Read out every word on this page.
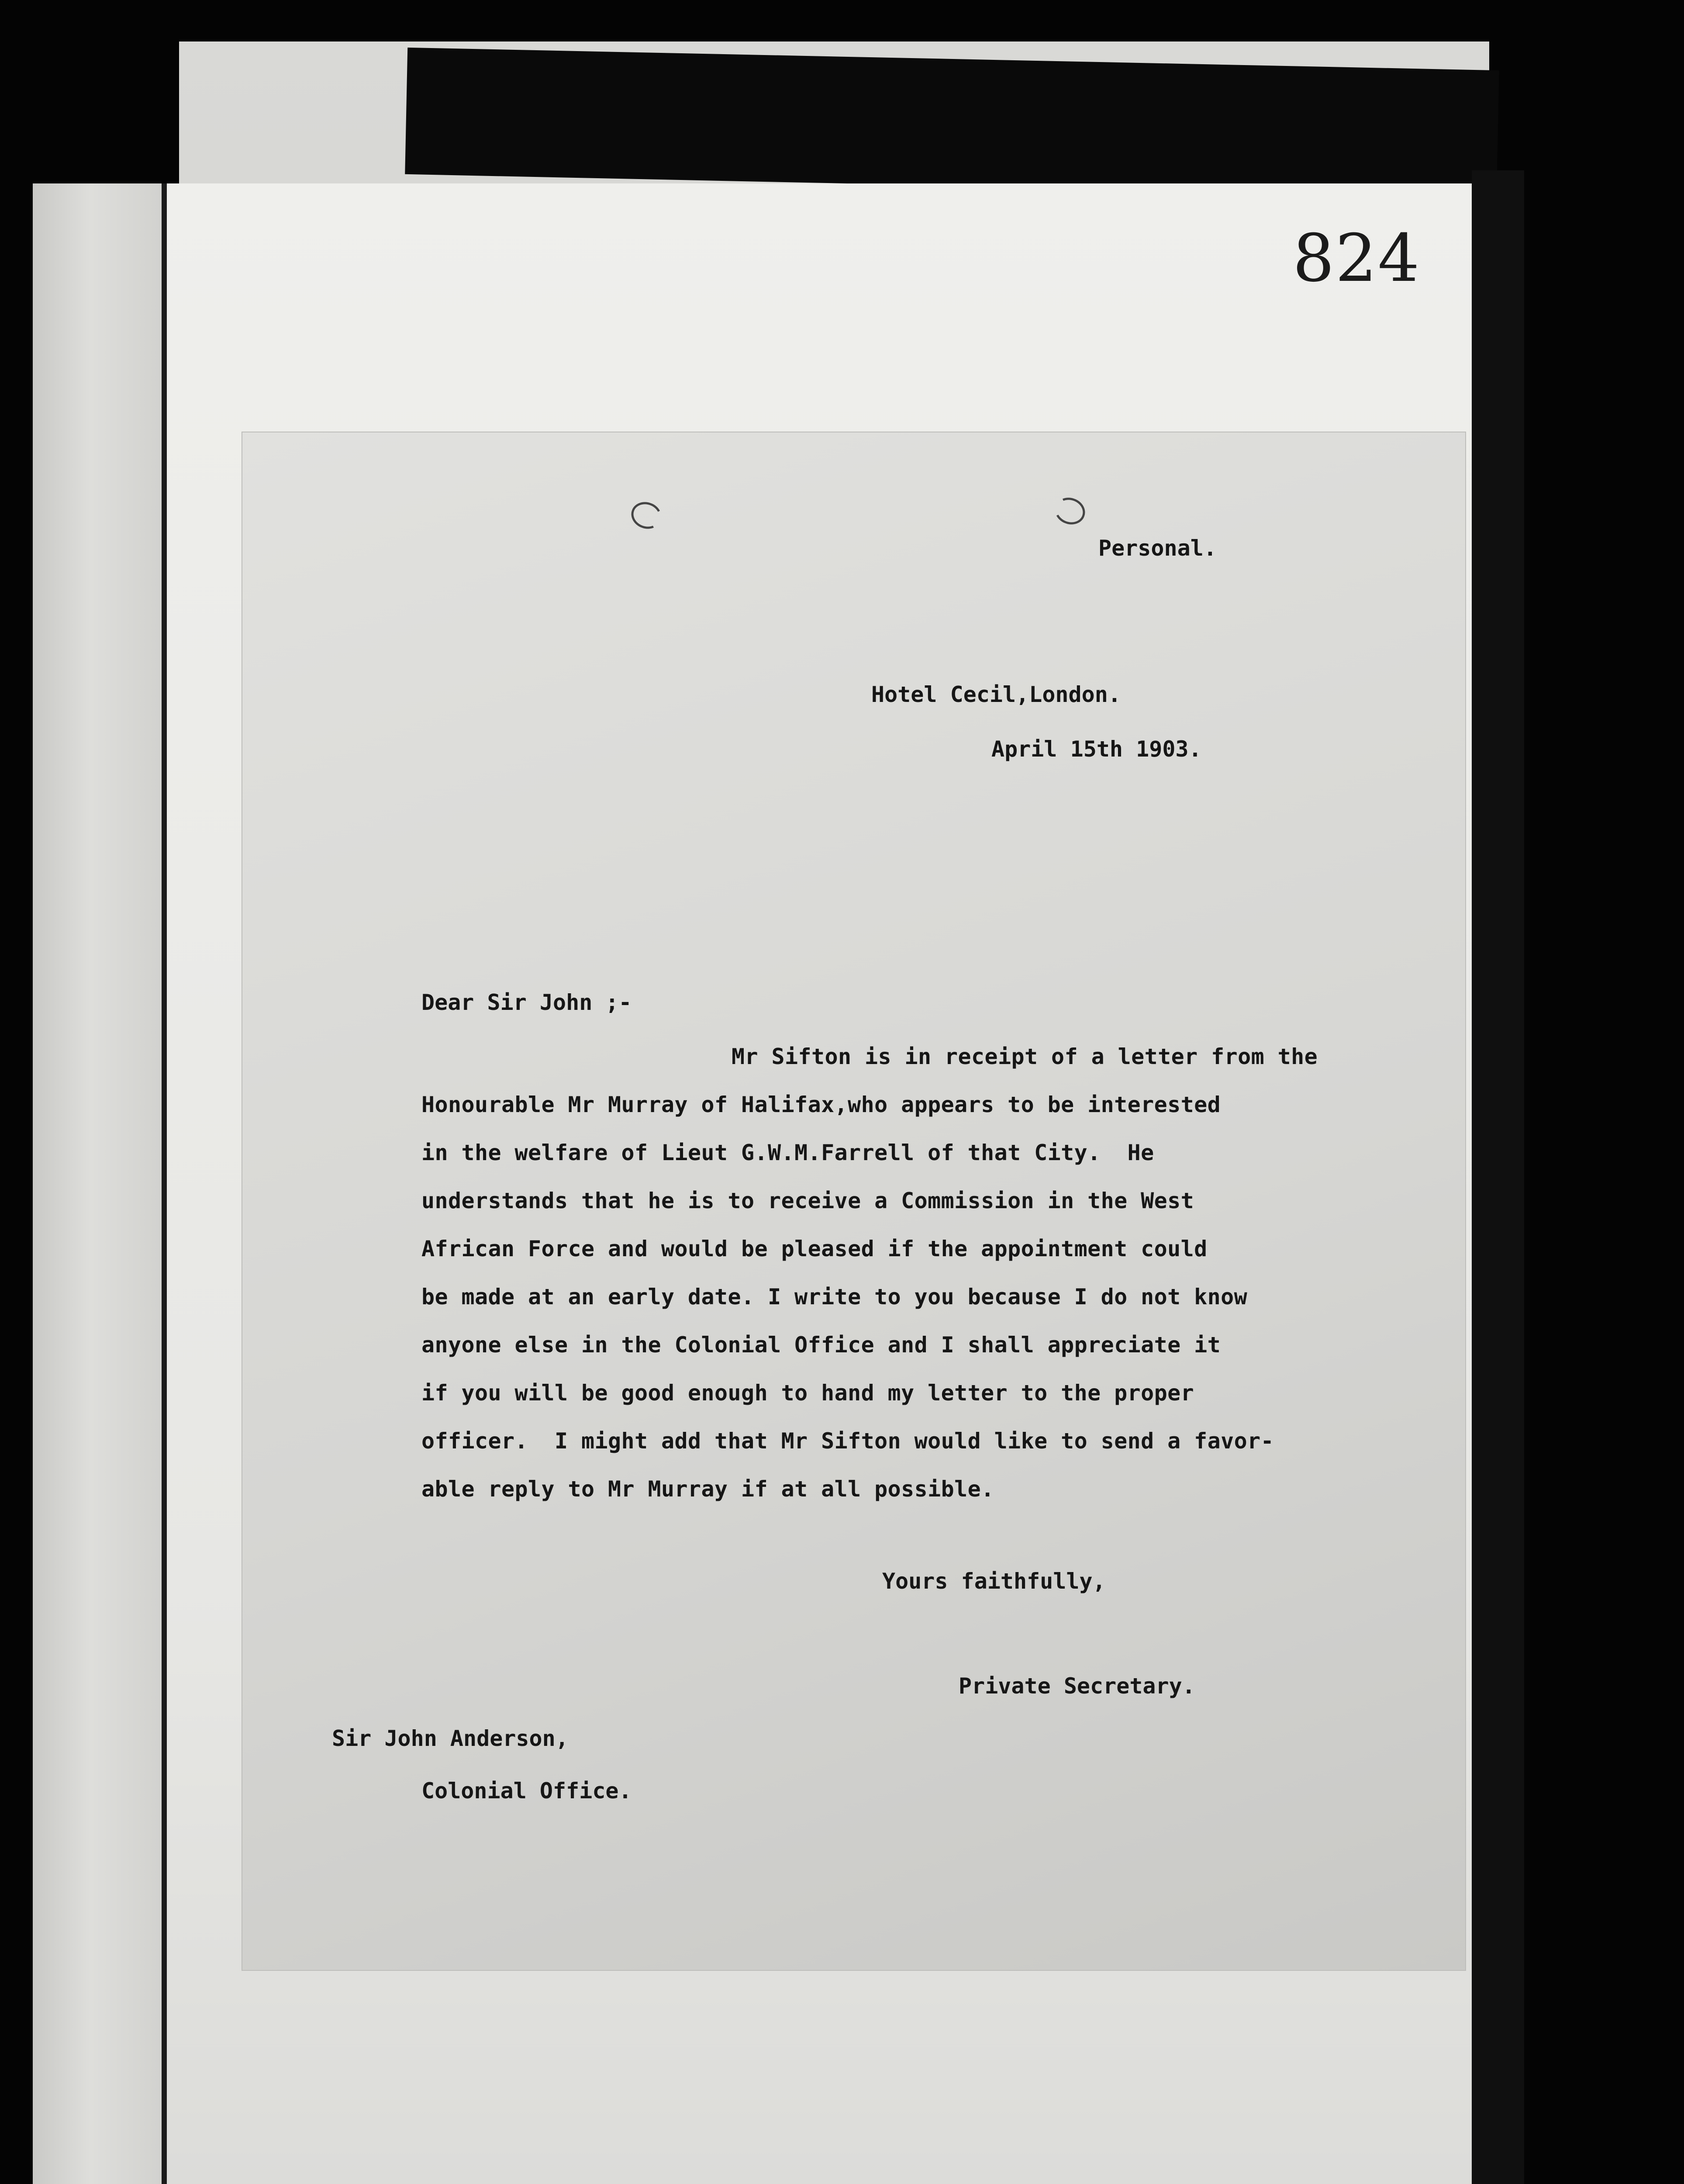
824
Personal.
Hotel Cecil,London.
April 15th 1903.
Dear Sir John ;-
Mr Sifton is in receipt of a letter from the
Honourable Mr Murray of Halifax,who appears to be interested
in the welfare of Lieut G.W.M.Farrell of that City.  He
understands that he is to receive a Commission in the West
African Force and would be pleased if the appointment could
be made at an early date. I write to you because I do not know
anyone else in the Colonial Office and I shall appreciate it
if you will be good enough to hand my letter to the proper
officer.  I might add that Mr Sifton would like to send a favor-
able reply to Mr Murray if at all possible.
Yours faithfully,
Private Secretary.
Sir John Anderson,
Colonial Office.
